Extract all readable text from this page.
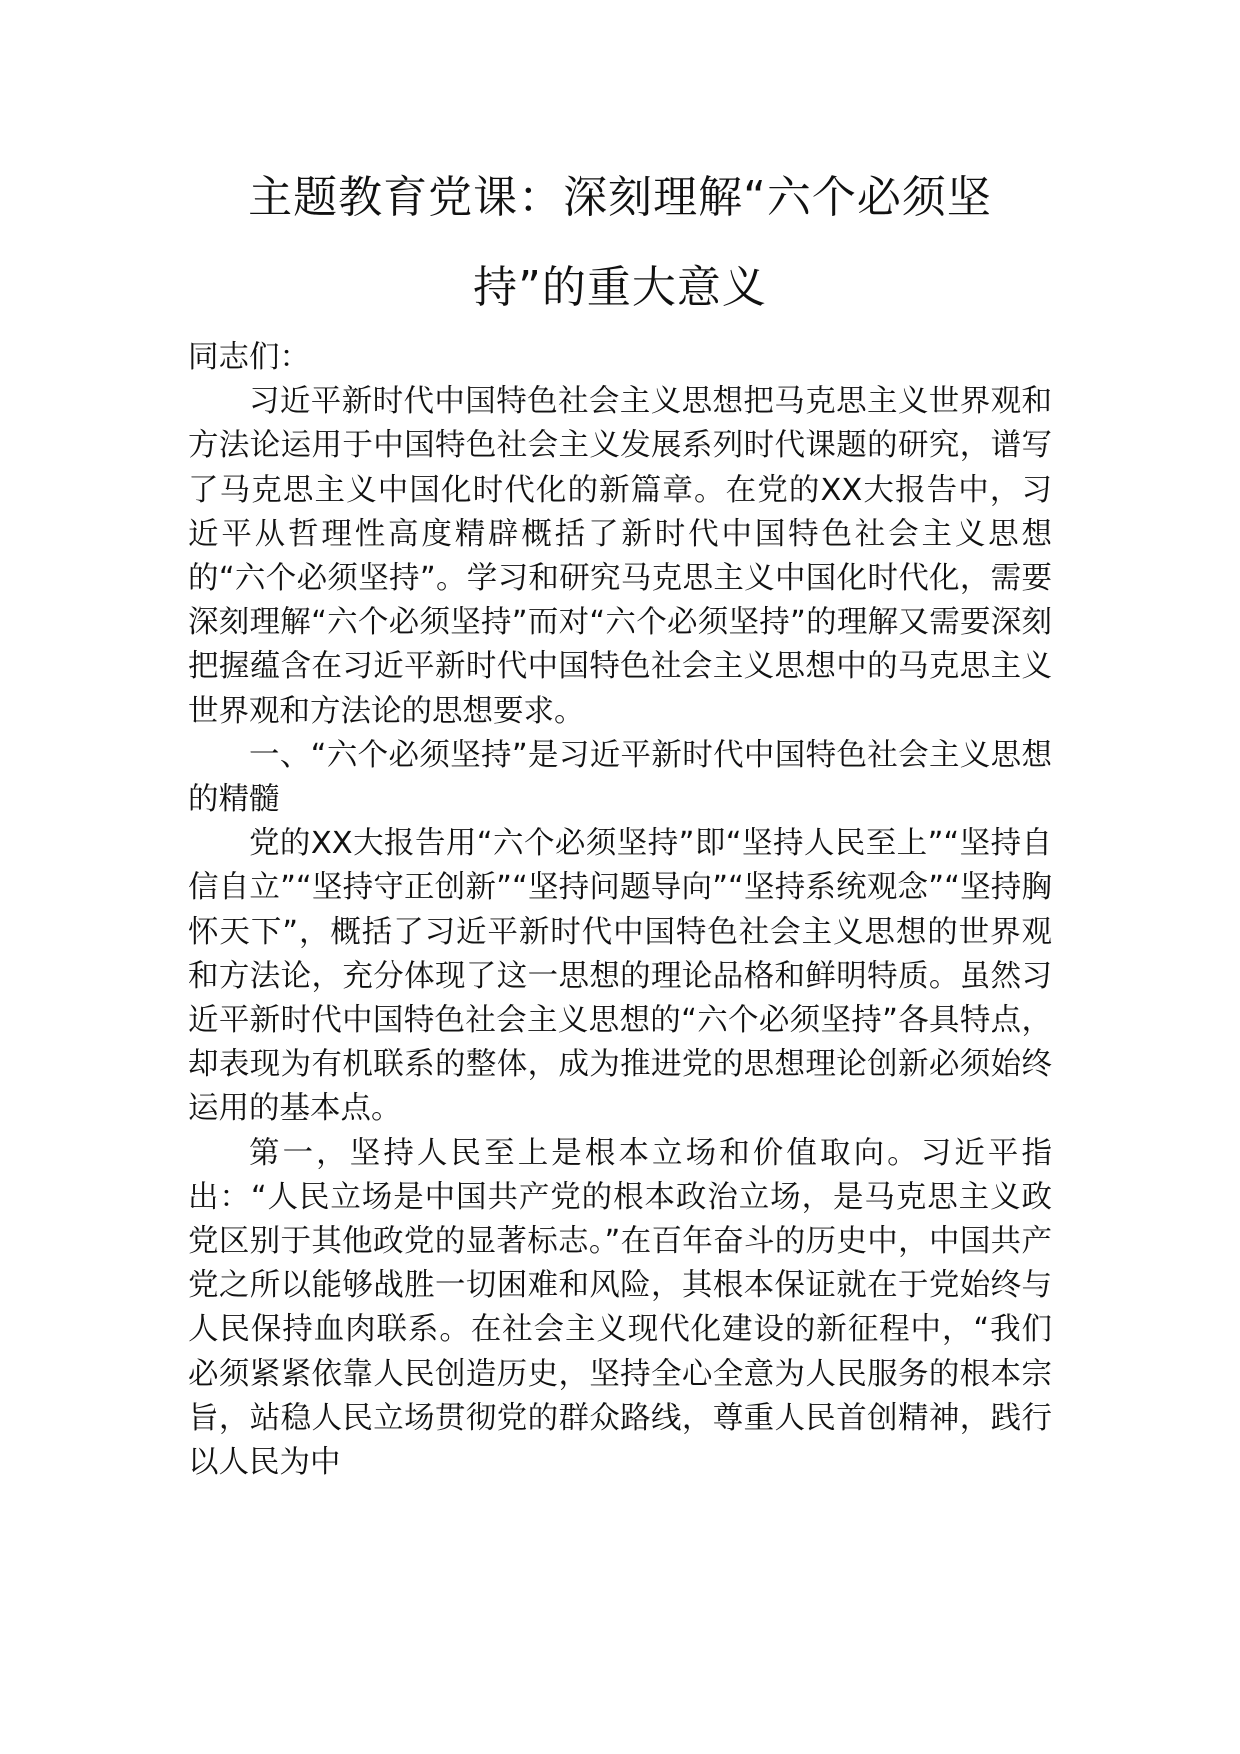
主题教育党课：深刻理解“六个必须坚
持”的重大意义

同志们：

习近平新时代中国特色社会主义思想把马克思主义世界观和方法论运用于中国特色社会主义发展系列时代课题的研究，谱写了马克思主义中国化时代化的新篇章。在党的XX大报告中，习近平从哲理性高度精辟概括了新时代中国特色社会主义思想的“六个必须坚持”。学习和研究马克思主义中国化时代化，需要深刻理解“六个必须坚持”而对“六个必须坚持”的理解又需要深刻把握蕴含在习近平新时代中国特色社会主义思想中的马克思主义世界观和方法论的思想要求。

一、“六个必须坚持”是习近平新时代中国特色社会主义思想的精髓

党的XX大报告用“六个必须坚持”即“坚持人民至上”“坚持自信自立”“坚持守正创新”“坚持问题导向”“坚持系统观念”“坚持胸怀天下”，概括了习近平新时代中国特色社会主义思想的世界观和方法论，充分体现了这一思想的理论品格和鲜明特质。虽然习近平新时代中国特色社会主义思想的“六个必须坚持”各具特点，却表现为有机联系的整体，成为推进党的思想理论创新必须始终运用的基本点。

第一，坚持人民至上是根本立场和价值取向。习近平指出：“人民立场是中国共产党的根本政治立场，是马克思主义政党区别于其他政党的显著标志。”在百年奋斗的历史中，中国共产党之所以能够战胜一切困难和风险，其根本保证就在于党始终与人民保持血肉联系。在社会主义现代化建设的新征程中，“我们必须紧紧依靠人民创造历史，坚持全心全意为人民服务的根本宗旨，站稳人民立场贯彻党的群众路线，尊重人民首创精神，践行以人民为中
